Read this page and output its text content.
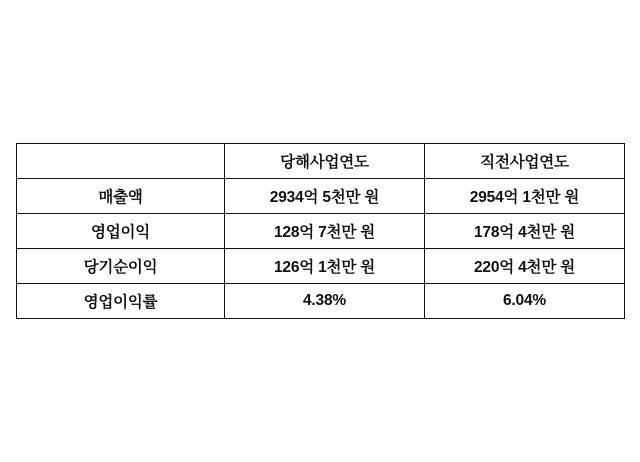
	당해사업연도	직전사업연도
매출액	2934억 5천만 원	2954억 1천만 원
영업이익	128억 7천만 원	178억 4천만 원
당기순이익	126억 1천만 원	220억 4천만 원
영업이익률	4.38%	6.04%
